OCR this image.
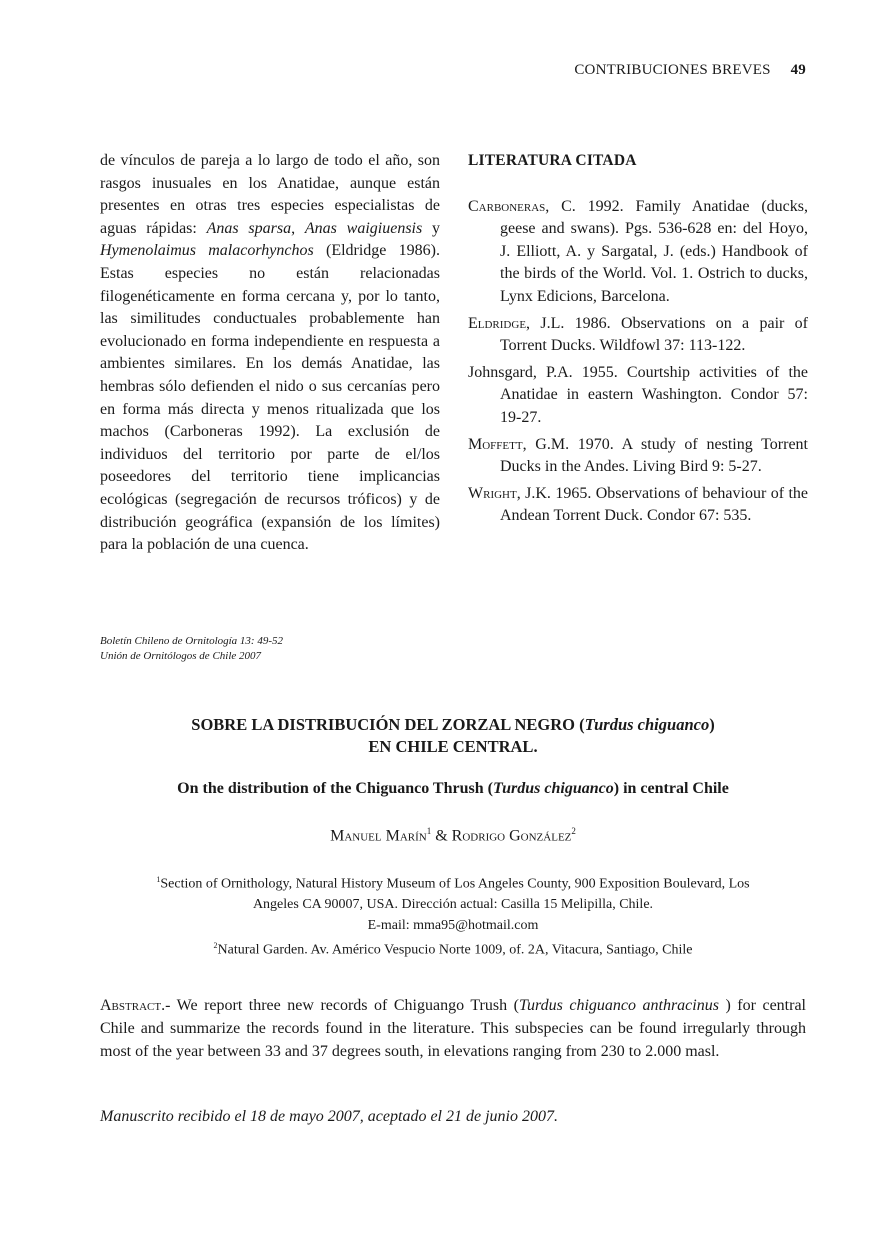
CONTRIBUCIONES BREVES 49
de vínculos de pareja a lo largo de todo el año, son rasgos inusuales en los Anatidae, aunque están presentes en otras tres especies especialistas de aguas rápidas: Anas sparsa, Anas waigiuensis y Hymenolaimus malacorhynchos (Eldridge 1986). Estas especies no están relacionadas filogenéticamente en forma cercana y, por lo tanto, las similitudes conductuales probablemente han evolucionado en forma independiente en respuesta a ambientes similares. En los demás Anatidae, las hembras sólo defienden el nido o sus cercanías pero en forma más directa y menos ritualizada que los machos (Carboneras 1992). La exclusión de individuos del territorio por parte de el/los poseedores del territorio tiene implicancias ecológicas (segregación de recursos tróficos) y de distribución geográfica (expansión de los límites) para la población de una cuenca.
LITERATURA CITADA
Carboneras, C. 1992. Family Anatidae (ducks, geese and swans). Pgs. 536-628 en: del Hoyo, J. Elliott, A. y Sargatal, J. (eds.) Handbook of the birds of the World. Vol. 1. Ostrich to ducks, Lynx Edicions, Barcelona.
Eldridge, J.L. 1986. Observations on a pair of Torrent Ducks. Wildfowl 37: 113-122.
Johnsgard, P.A. 1955. Courtship activities of the Anatidae in eastern Washington. Condor 57: 19-27.
Moffett, G.M. 1970. A study of nesting Torrent Ducks in the Andes. Living Bird 9: 5-27.
Wright, J.K. 1965. Observations of behaviour of the Andean Torrent Duck. Condor 67: 535.
Boletín Chileno de Ornitología 13: 49-52
Unión de Ornitólogos de Chile 2007
SOBRE LA DISTRIBUCIÓN DEL ZORZAL NEGRO (Turdus chiguanco)
EN CHILE CENTRAL.
On the distribution of the Chiguanco Thrush (Turdus chiguanco) in central Chile
Manuel Marín$^1$ & Rodrigo González$^2$
$^1$Section of Ornithology, Natural History Museum of Los Angeles County, 900 Exposition Boulevard, Los
Angeles CA 90007, USA. Dirección actual: Casilla 15 Melipilla, Chile.
E-mail: mma95@hotmail.com
$^2$Natural Garden. Av. Américo Vespucio Norte 1009, of. 2A, Vitacura, Santiago, Chile
Abstract.- We report three new records of Chiguango Trush (Turdus chiguanco anthracinus ) for central Chile and summarize the records found in the literature. This subspecies can be found irregularly through most of the year between 33 and 37 degrees south, in elevations ranging from 230 to 2.000 masl.
Manuscrito recibido el 18 de mayo 2007, aceptado el 21 de junio 2007.
